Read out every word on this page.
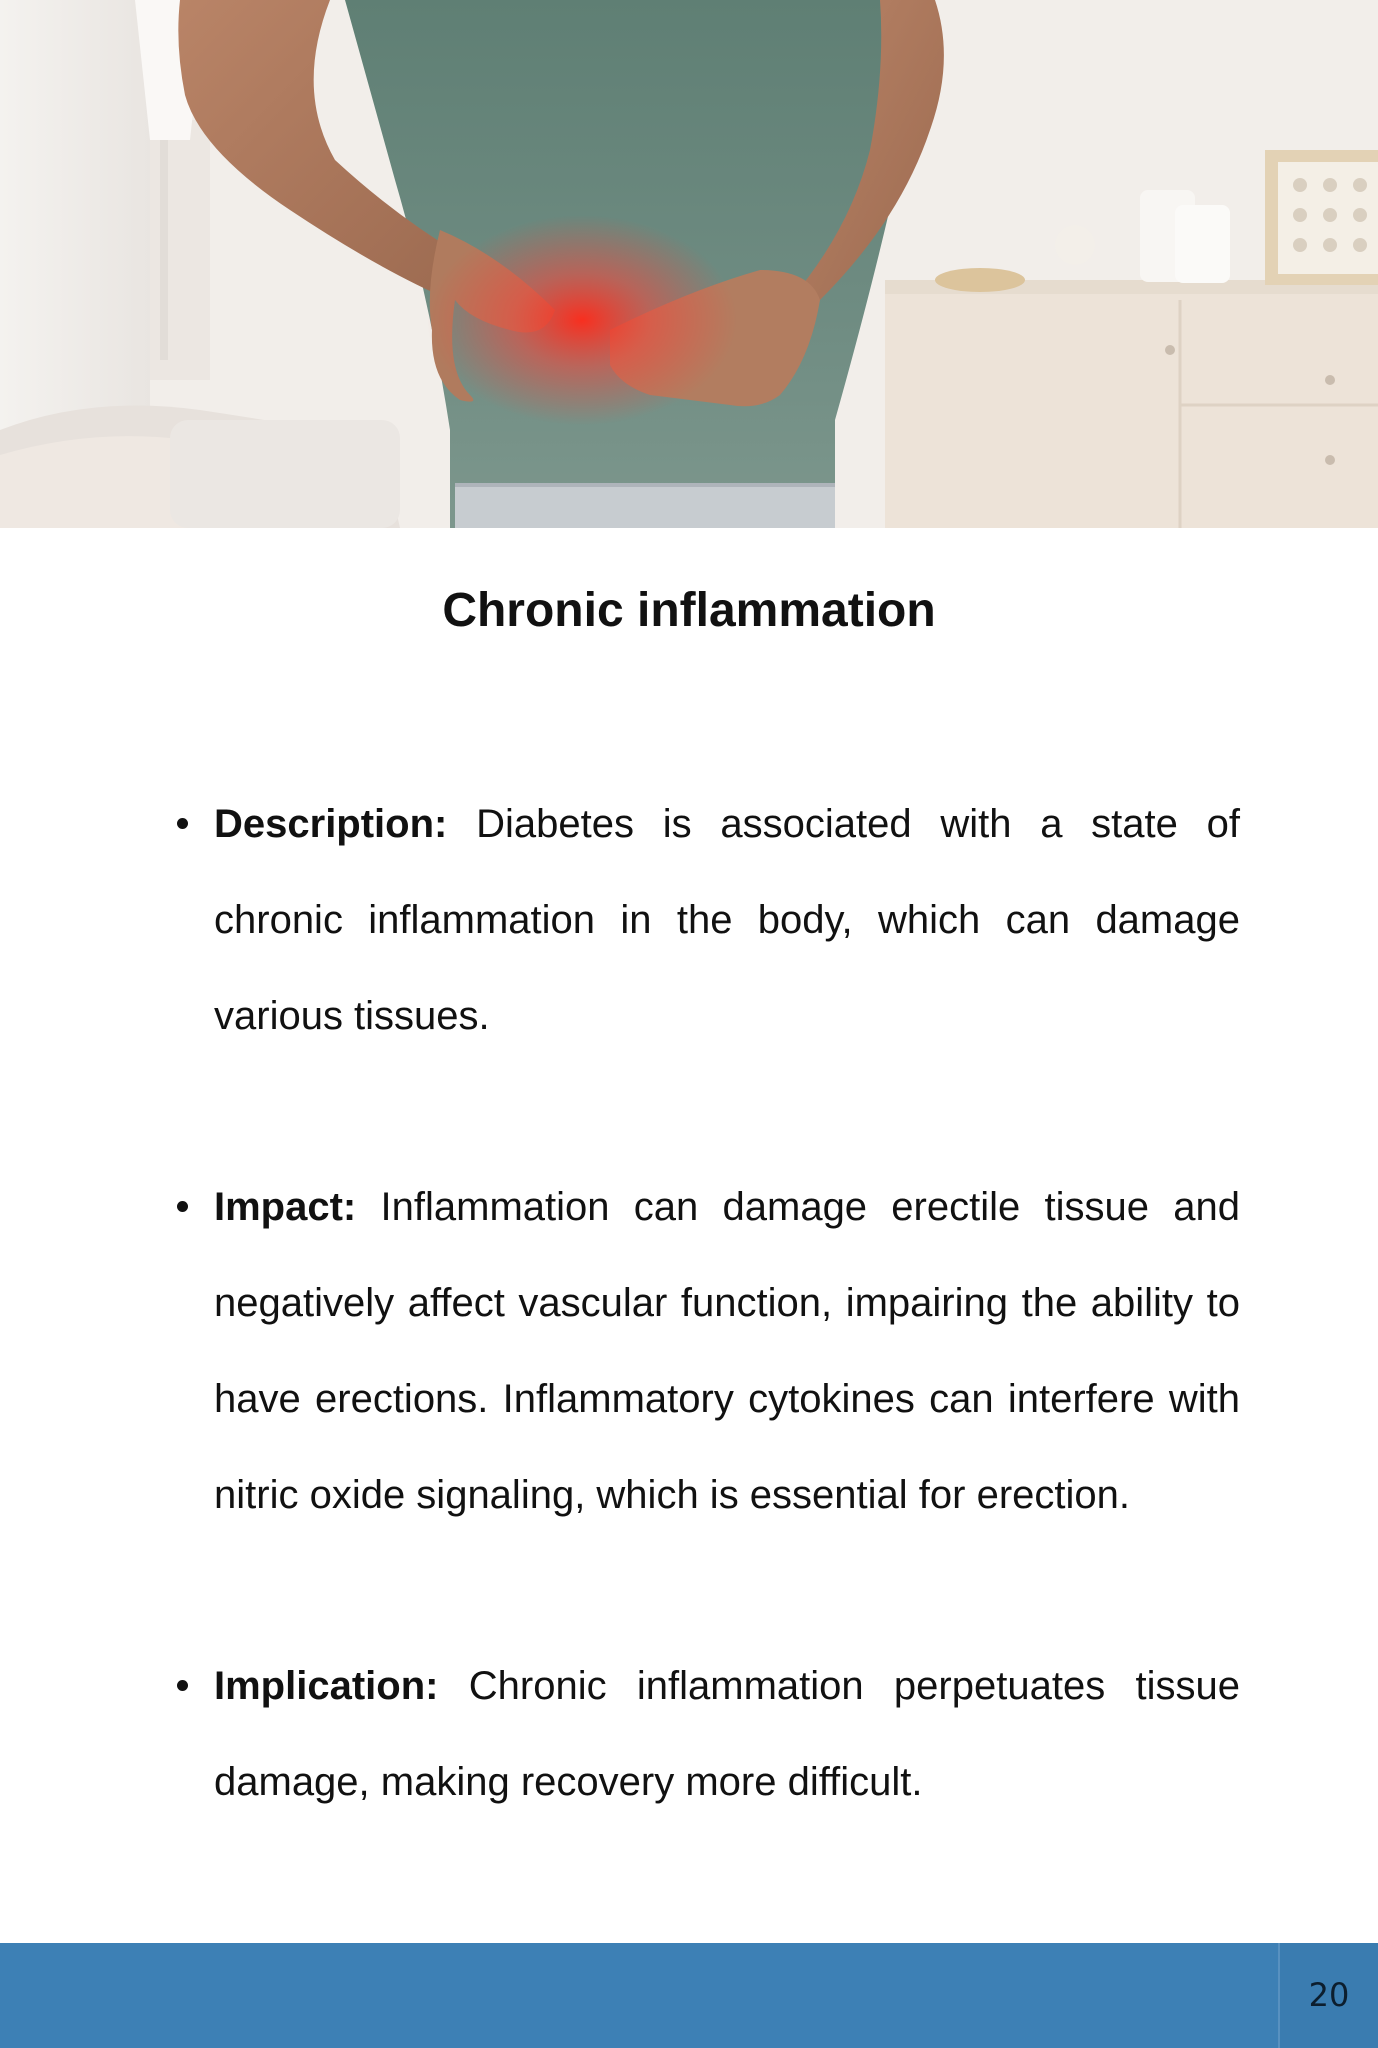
Chronic inflammation
Description: Diabetes is associated with a state of chronic inflammation in the body, which can damage various tissues.
Impact: Inflammation can damage erectile tissue and negatively affect vascular function, impairing the ability to have erections. Inflammatory cytokines can interfere with nitric oxide signaling, which is essential for erection.
Implication: Chronic inflammation perpetuates tissue damage, making recovery more difficult.
20
